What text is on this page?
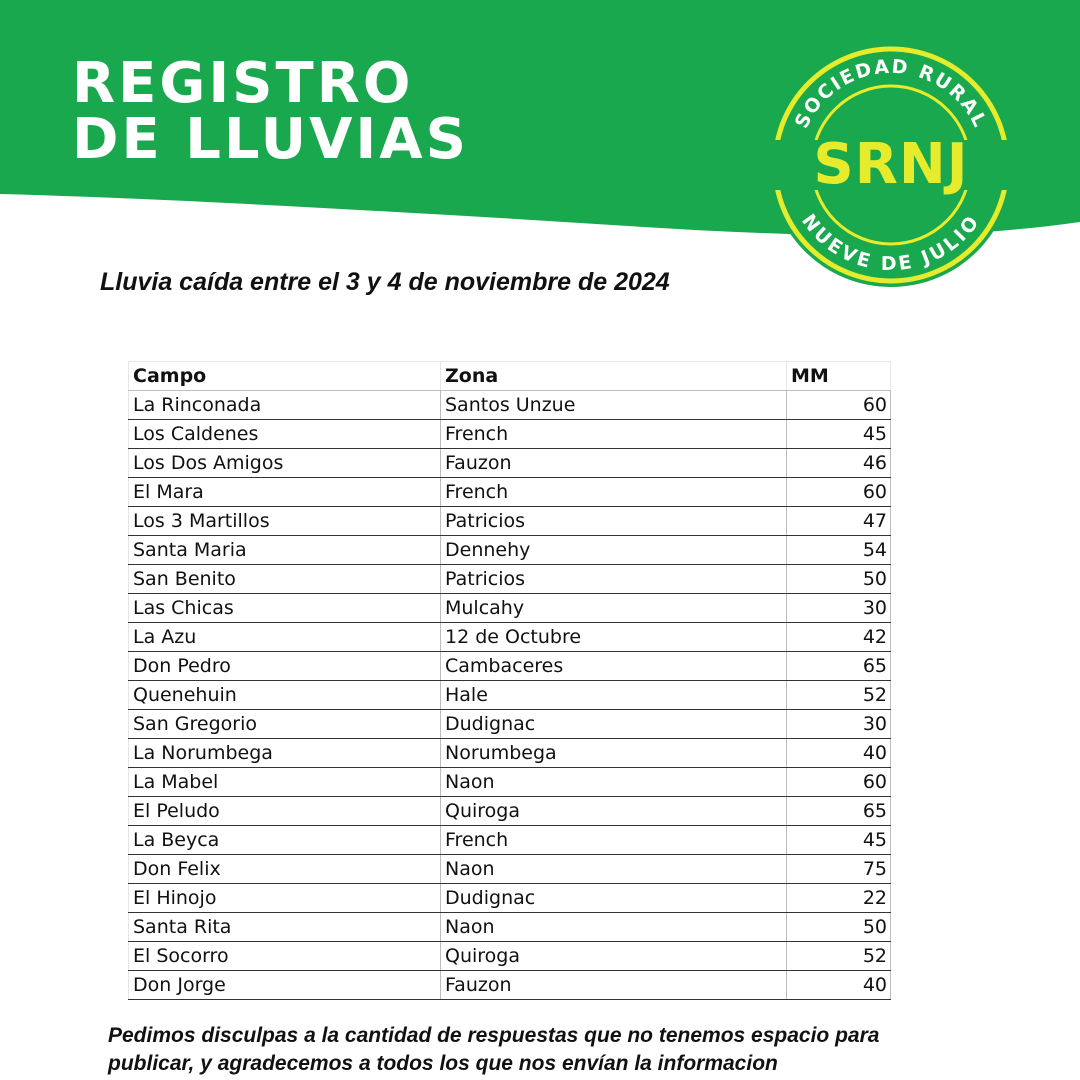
REGISTRO
DE LLUVIAS	SOCIEDAD RURAL
SRNJ
NUEVE DE JULIO
Lluvia caída entre el 3 y 4 de noviembre de 2024
Campo	Zona	MM
La Rinconada	Santos Unzue	60
Los Caldenes	French	45
Los Dos Amigos	Fauzon	46
El Mara	French	60
Los 3 Martillos	Patricios	47
Santa Maria	Dennehy	54
San Benito	Patricios	50
Las Chicas	Mulcahy	30
La Azu	12 de Octubre	42
Don Pedro	Cambaceres	65
Quenehuin	Hale	52
San Gregorio	Dudignac	30
La Norumbega	Norumbega	40
La Mabel	Naon	60
El Peludo	Quiroga	65
La Beyca	French	45
Don Felix	Naon	75
El Hinojo	Dudignac	22
Santa Rita	Naon	50
El Socorro	Quiroga	52
Don Jorge	Fauzon	40

Pedimos disculpas a la cantidad de respuestas que no tenemos espacio para
publicar, y agradecemos a todos los que nos envían la informacion
